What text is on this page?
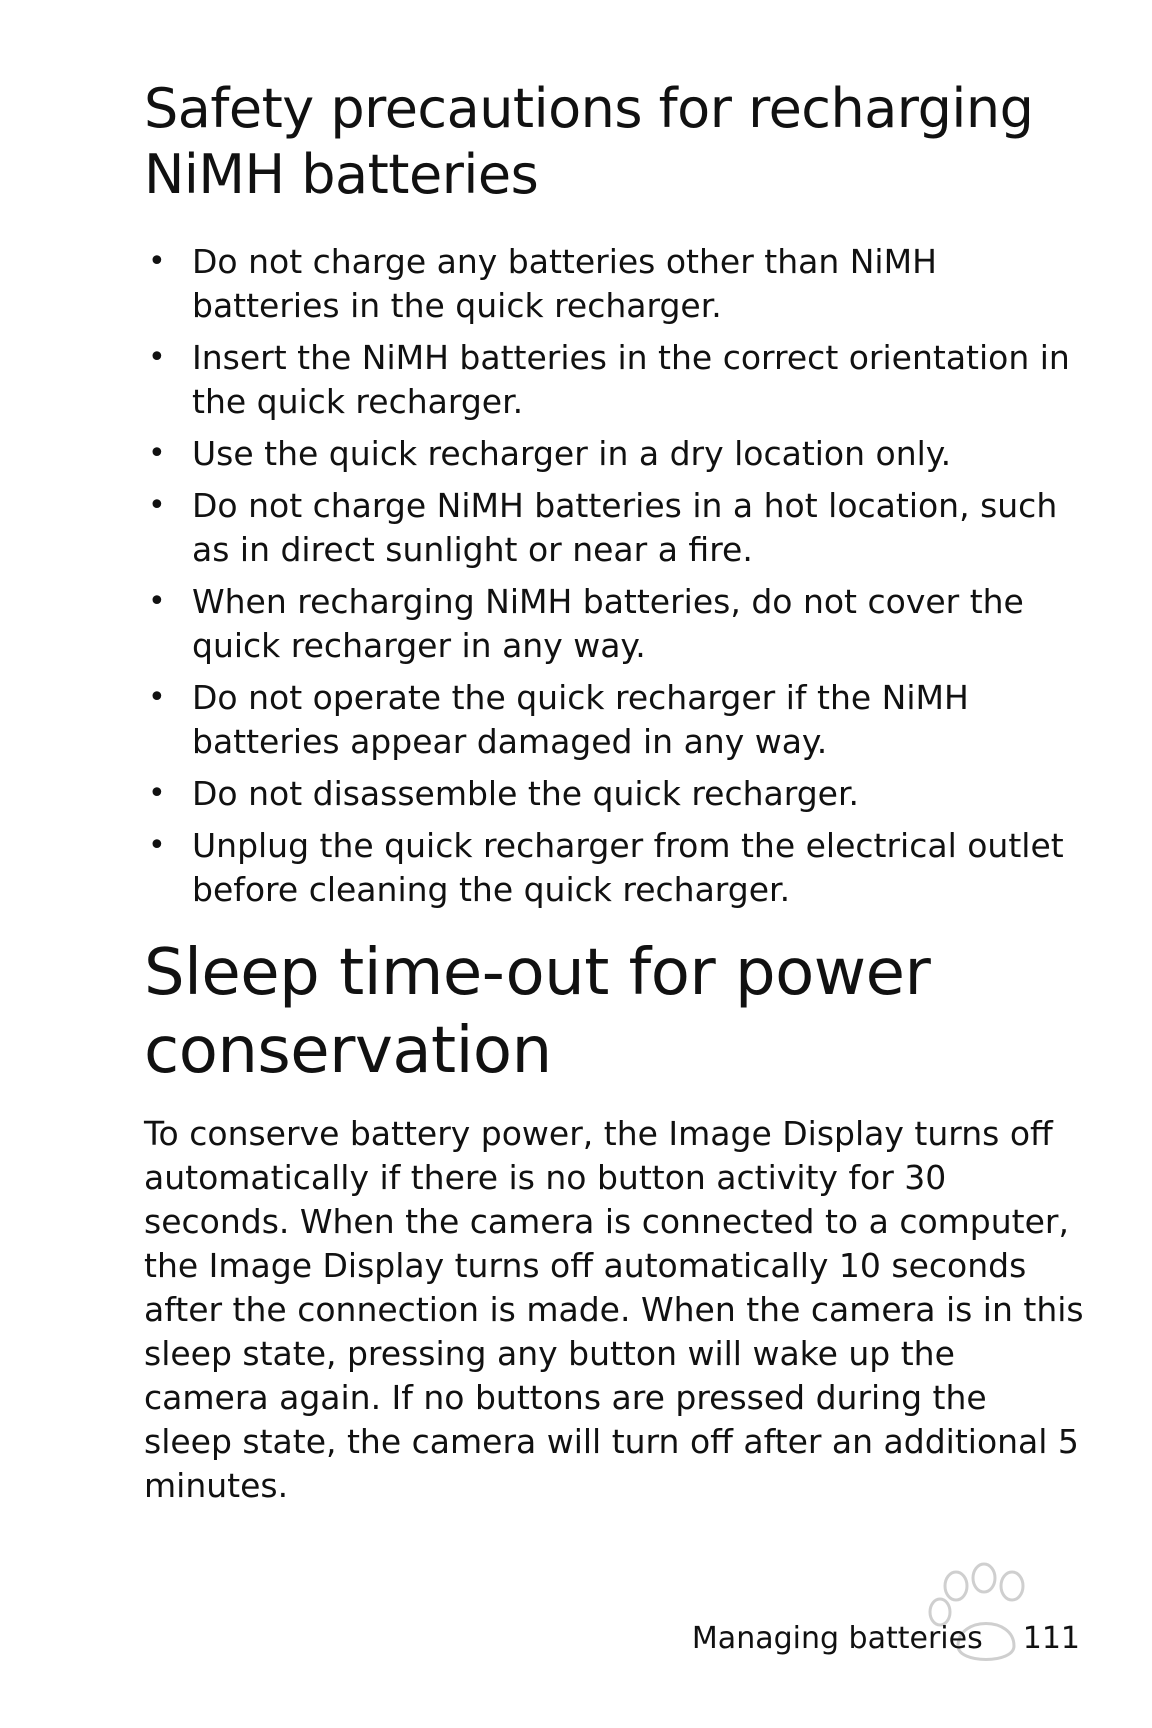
Safety precautions for recharging NiMH batteries
• Do not charge any batteries other than NiMH batteries in the quick recharger.
• Insert the NiMH batteries in the correct orientation in the quick recharger.
• Use the quick recharger in a dry location only.
• Do not charge NiMH batteries in a hot location, such as in direct sunlight or near a fire.
• When recharging NiMH batteries, do not cover the quick recharger in any way.
• Do not operate the quick recharger if the NiMH batteries appear damaged in any way.
• Do not disassemble the quick recharger.
• Unplug the quick recharger from the electrical outlet before cleaning the quick recharger.
Sleep time-out for power conservation

To conserve battery power, the Image Display turns off automatically if there is no button activity for 30 seconds. When the camera is connected to a computer, the Image Display turns off automatically 10 seconds after the connection is made. When the camera is in this sleep state, pressing any button will wake up the camera again. If no buttons are pressed during the sleep state, the camera will turn off after an additional 5 minutes.

Managing batteries 111
